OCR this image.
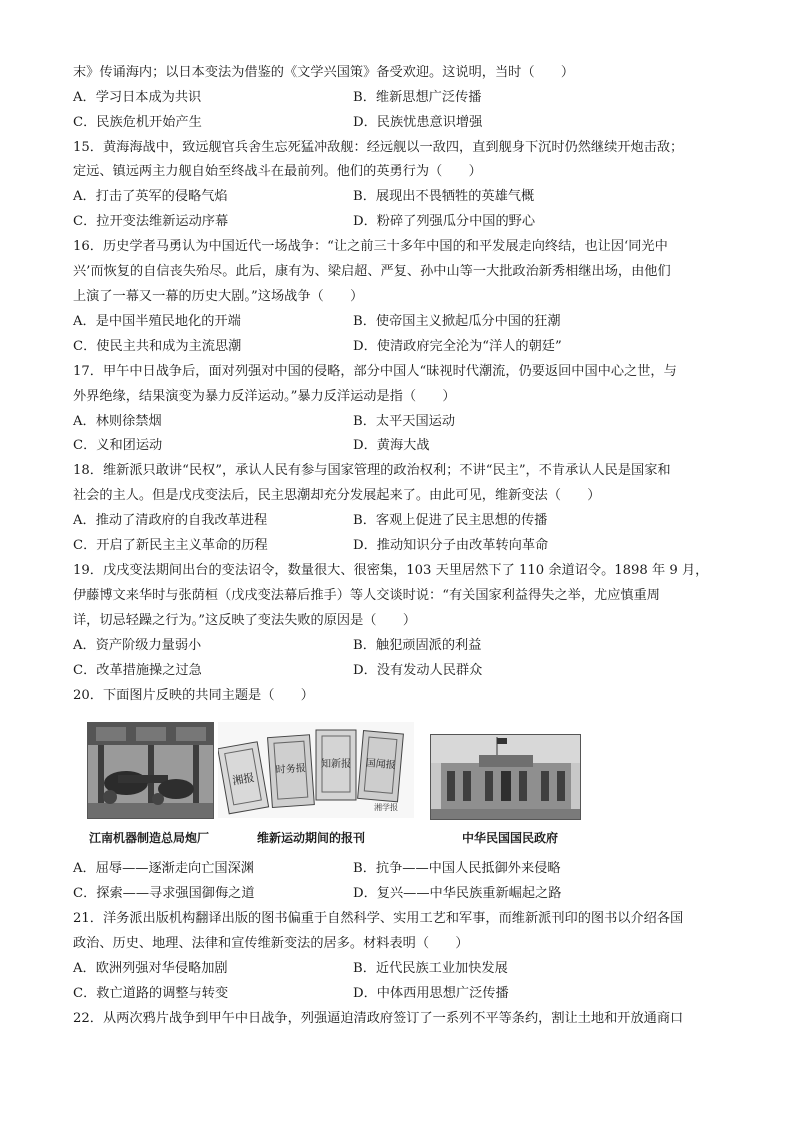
末》传诵海内；以日本变法为借鉴的《文学兴国策》备受欢迎。这说明，当时（　　）
A．学习日本成为共识	B．维新思想广泛传播
C．民族危机开始产生	D．民族忧患意识增强
15．黄海海战中，致远舰官兵舍生忘死猛冲敌舰：经远舰以一敌四，直到舰身下沉时仍然继续开炮击敌；
定远、镇远两主力舰自始至终战斗在最前列。他们的英勇行为（　　）
A．打击了英军的侵略气焰	B．展现出不畏牺牲的英雄气概
C．拉开变法维新运动序幕	D．粉碎了列强瓜分中国的野心
16．历史学者马勇认为中国近代一场战争：“让之前三十多年中国的和平发展走向终结，也让因‘同光中
兴’而恢复的自信丧失殆尽。此后，康有为、梁启超、严复、孙中山等一大批政治新秀相继出场，由他们
上演了一幕又一幕的历史大剧。”这场战争（　　）
A．是中国半殖民地化的开端	B．使帝国主义掀起瓜分中国的狂潮
C．使民主共和成为主流思潮	D．使清政府完全沦为“洋人的朝廷”
17．甲午中日战争后，面对列强对中国的侵略，部分中国人“昧视时代潮流，仍要返回中国中心之世，与
外界绝缘，结果演变为暴力反洋运动。”暴力反洋运动是指（　　）
A．林则徐禁烟	B．太平天国运动
C．义和团运动	D．黄海大战
18．维新派只敢讲“民权”，承认人民有参与国家管理的政治权利；不讲“民主”，不肯承认人民是国家和
社会的主人。但是戊戌变法后，民主思潮却充分发展起来了。由此可见，维新变法（　　）
A．推动了清政府的自我改革进程	B．客观上促进了民主思想的传播
C．开启了新民主主义革命的历程	D．推动知识分子由改革转向革命
19．戊戌变法期间出台的变法诏令，数量很大、很密集，103 天里居然下了 110 余道诏令。1898 年 9 月，
伊藤博文来华时与张荫桓（戊戌变法幕后推手）等人交谈时说：“有关国家利益得失之举，尤应慎重周
详，切忌轻躁之行为。”这反映了变法失败的原因是（　　）
A．资产阶级力量弱小	B．触犯顽固派的利益
C．改革措施操之过急	D．没有发动人民群众
20．下面图片反映的共同主题是（　　）
江南机器制造总局炮厂
湘报
时务报 知新报 国闻报
湘学报
维新运动期间的报刊	中华民国国民政府
A．屈辱——逐渐走向亡国深渊	B．抗争——中国人民抵御外来侵略
C．探索——寻求强国御侮之道	D．复兴——中华民族重新崛起之路
21．洋务派出版机构翻译出版的图书偏重于自然科学、实用工艺和军事，而维新派刊印的图书以介绍各国
政治、历史、地理、法律和宣传维新变法的居多。材料表明（　　）
A．欧洲列强对华侵略加剧	B．近代民族工业加快发展
C．救亡道路的调整与转变	D．中体西用思想广泛传播
22．从两次鸦片战争到甲午中日战争，列强逼迫清政府签订了一系列不平等条约，割让土地和开放通商口
